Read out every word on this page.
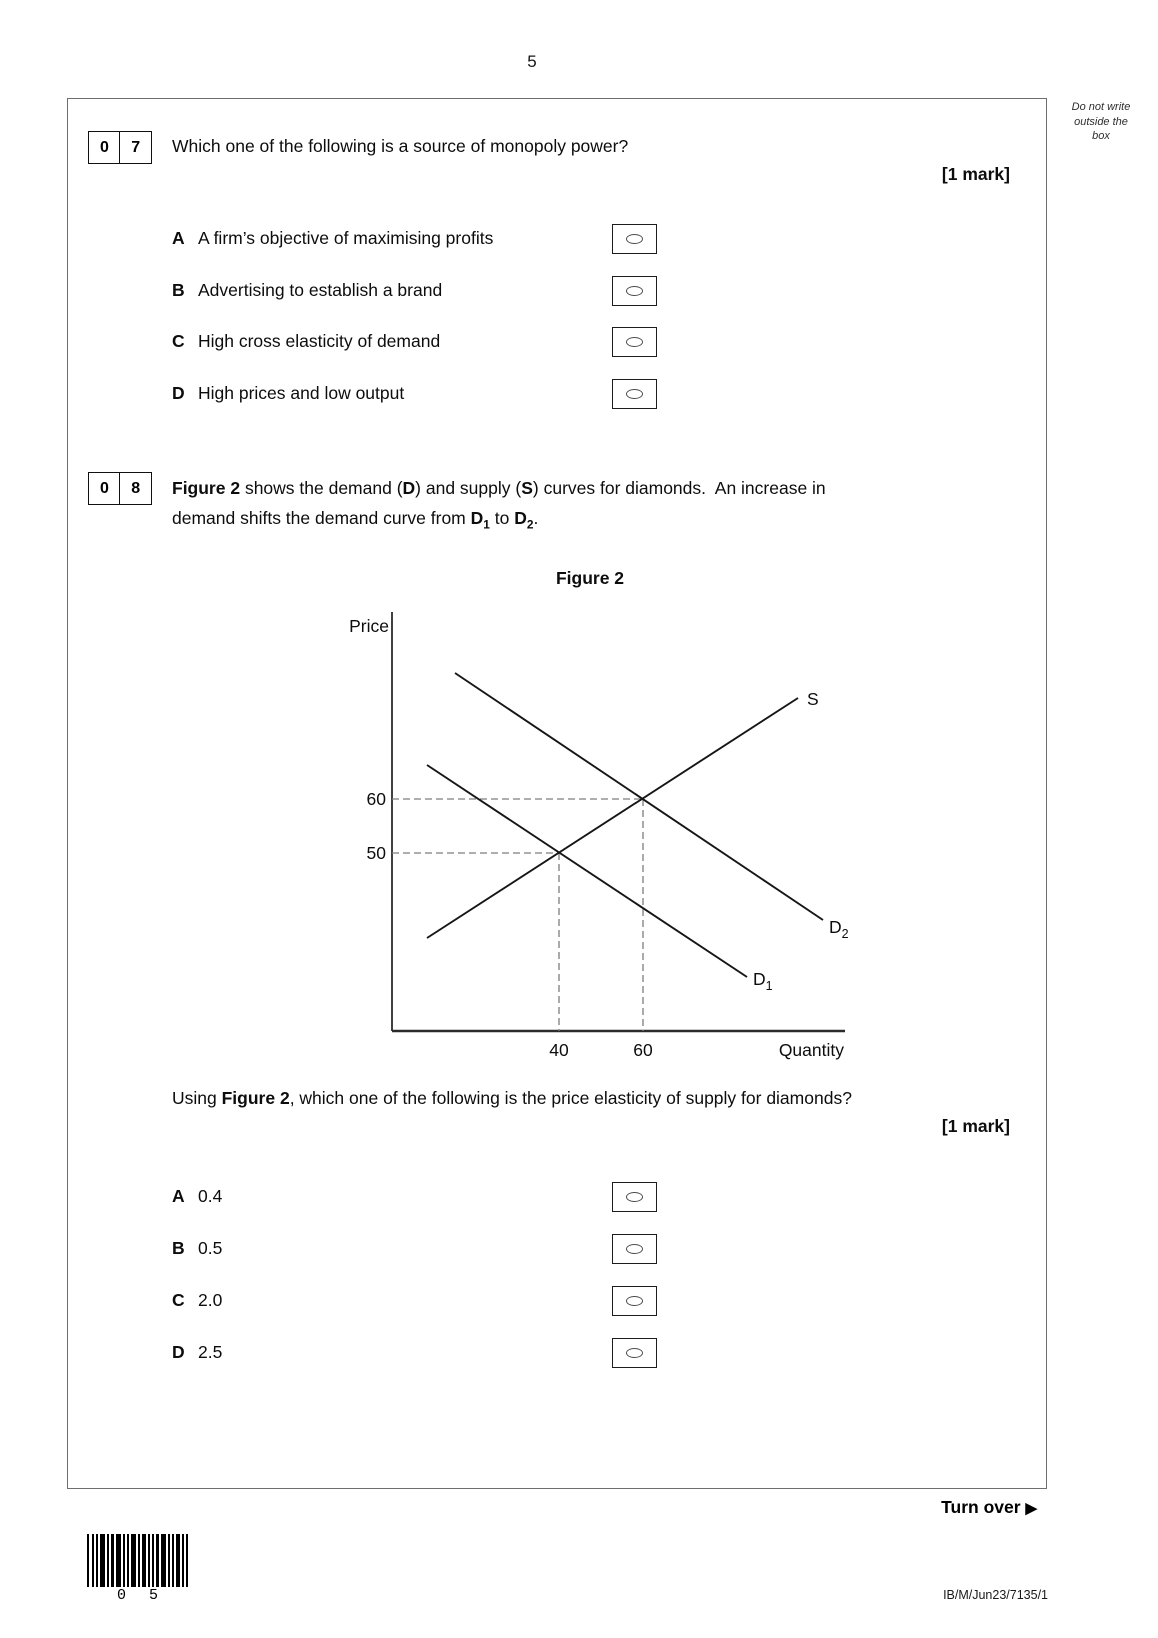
5
Do not write
outside the
box
0	7	Which one of the following is a source of monopoly power?
[1 mark]
A A firm’s objective of maximising profits
B Advertising to establish a brand
C High cross elasticity of demand
D High prices and low output
0	8	Figure 2 shows the demand (D) and supply (S) curves for diamonds.  An increase in
demand shifts the demand curve from $D_1$ to $D_2$.
Figure 2
Price
Quantity
60
50
40	60
S
$D_1$
$D_2$
Using Figure 2, which one of the following is the price elasticity of supply for diamonds?
[1 mark]
A 0.4
B 0.5
C 2.0
D 2.5
Turn over ▶
0 5	IB/M/Jun23/7135/1
